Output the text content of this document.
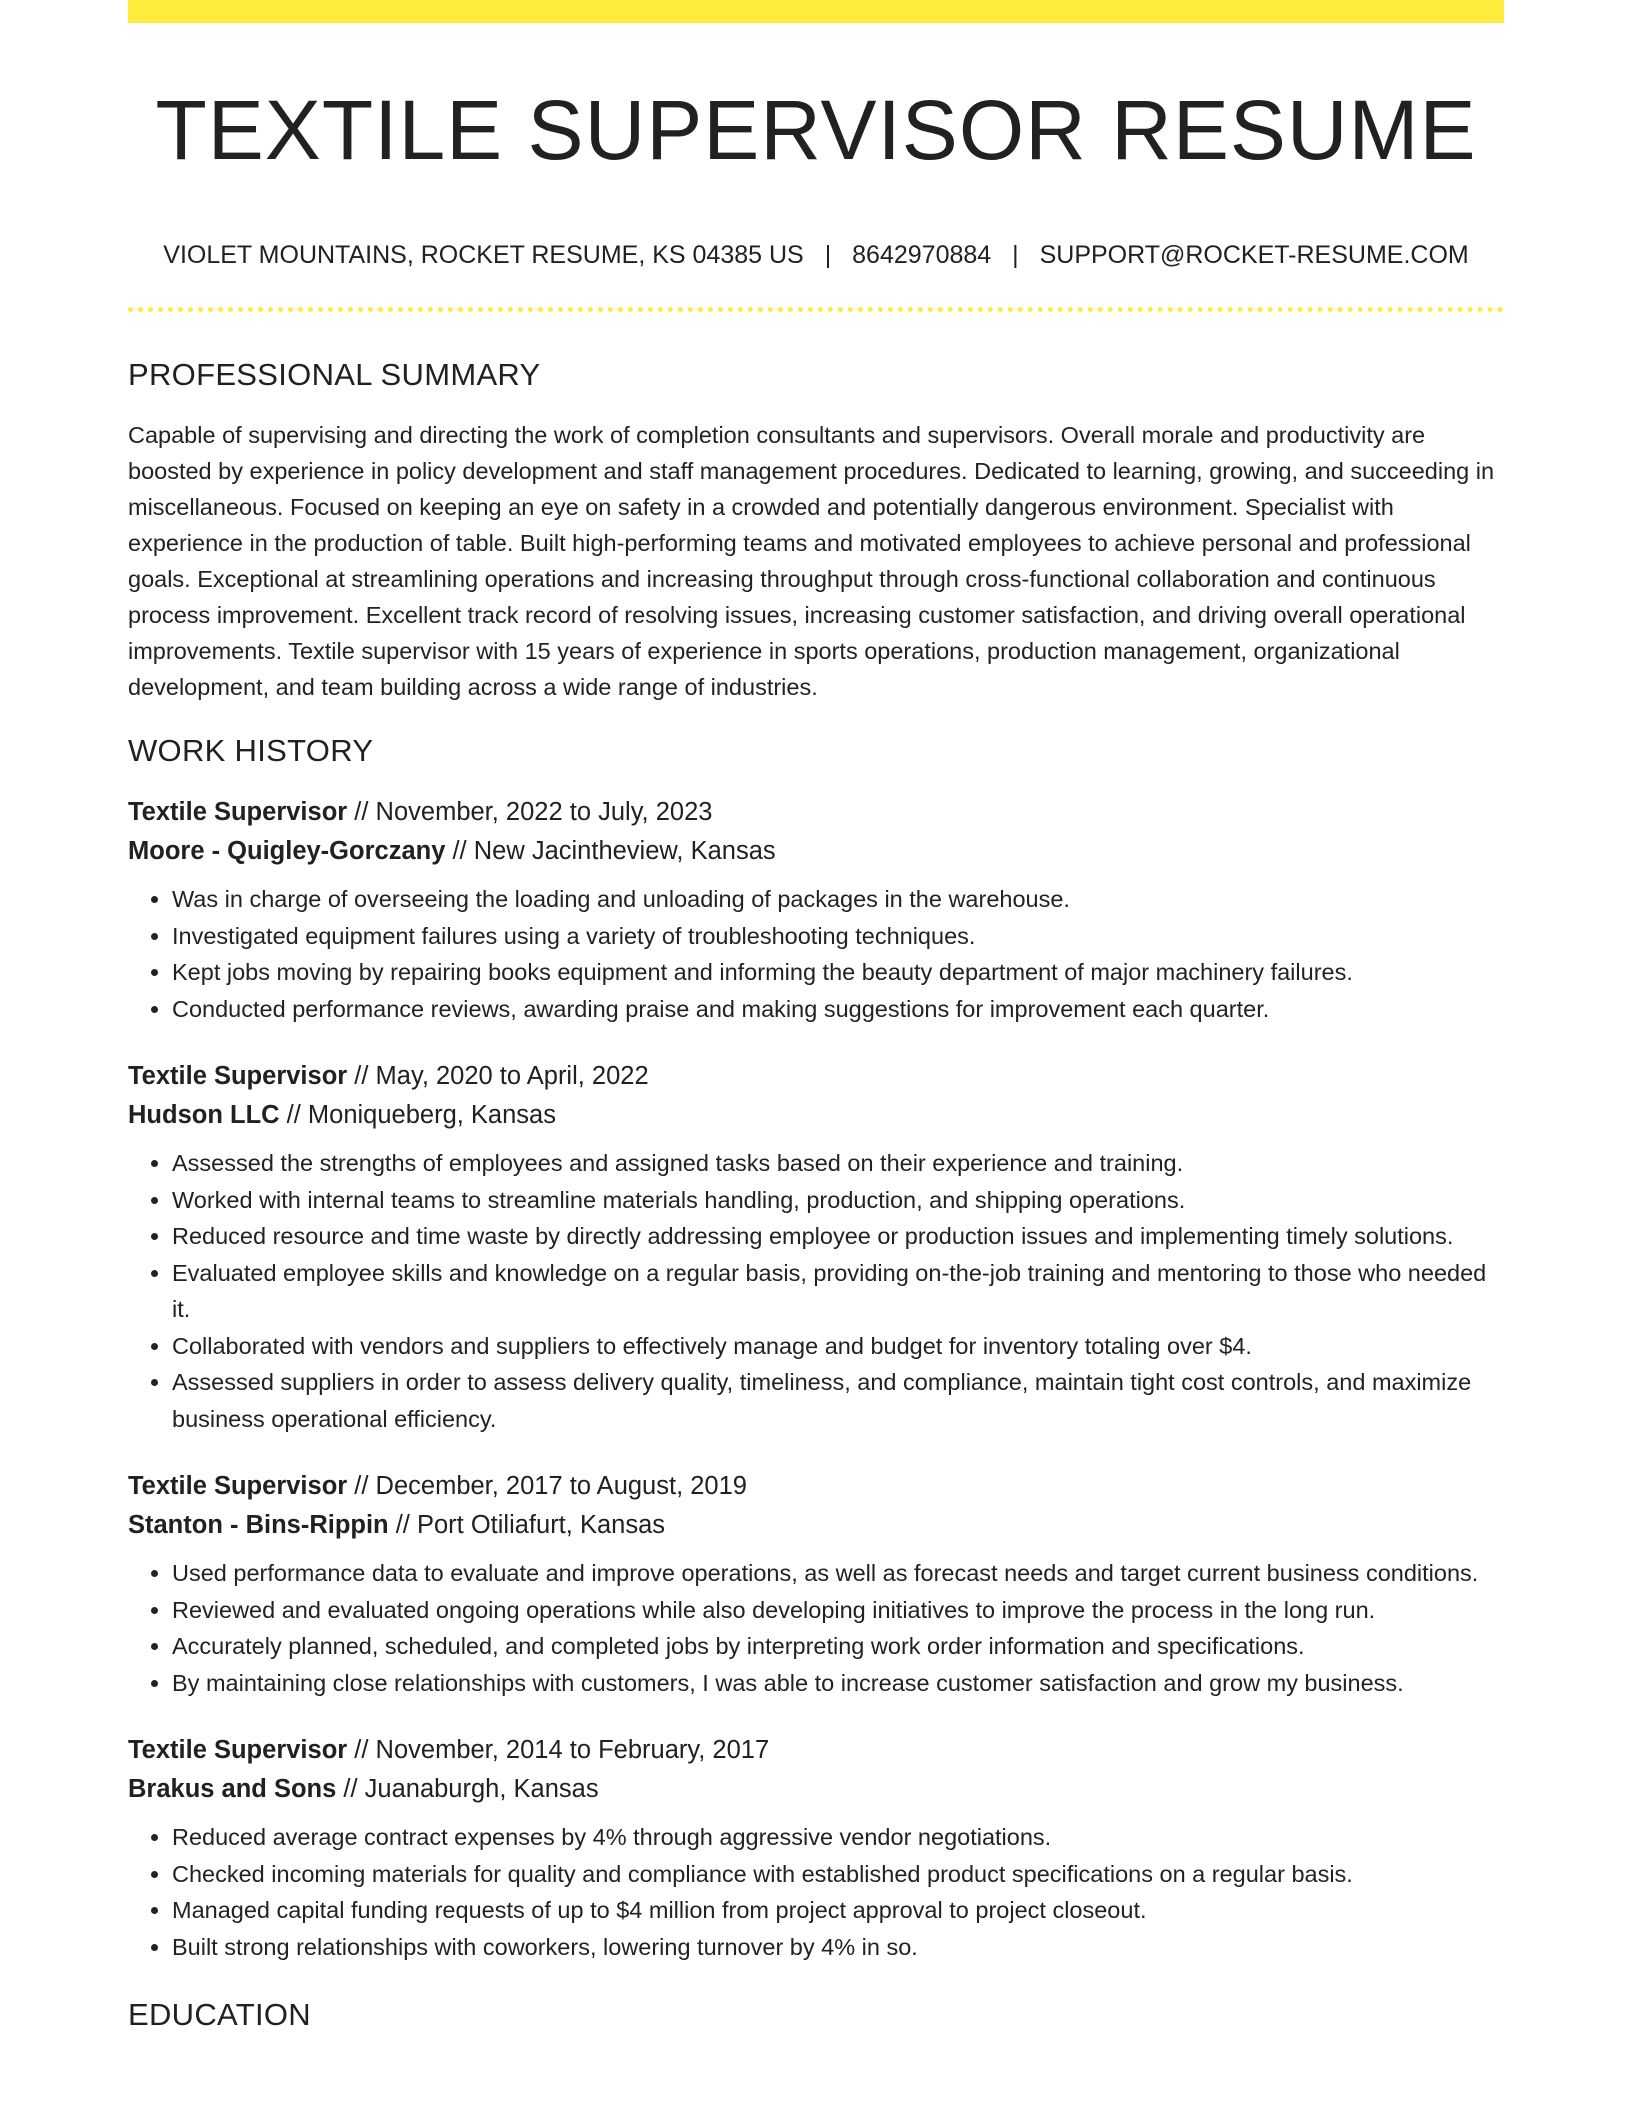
TEXTILE SUPERVISOR RESUME
VIOLET MOUNTAINS, ROCKET RESUME, KS 04385 US | 8642970884 | SUPPORT@ROCKET-RESUME.COM
PROFESSIONAL SUMMARY

Capable of supervising and directing the work of completion consultants and supervisors. Overall morale and productivity are boosted by experience in policy development and staff management procedures. Dedicated to learning, growing, and succeeding in miscellaneous. Focused on keeping an eye on safety in a crowded and potentially dangerous environment. Specialist with experience in the production of table. Built high-performing teams and motivated employees to achieve personal and professional goals. Exceptional at streamlining operations and increasing throughput through cross-functional collaboration and continuous process improvement. Excellent track record of resolving issues, increasing customer satisfaction, and driving overall operational improvements. Textile supervisor with 15 years of experience in sports operations, production management, organizational development, and team building across a wide range of industries.

WORK HISTORY
Textile Supervisor // November, 2022 to July, 2023
Moore - Quigley-Gorczany // New Jacintheview, Kansas
• Was in charge of overseeing the loading and unloading of packages in the warehouse.
• Investigated equipment failures using a variety of troubleshooting techniques.
• Kept jobs moving by repairing books equipment and informing the beauty department of major machinery failures.
• Conducted performance reviews, awarding praise and making suggestions for improvement each quarter.
Textile Supervisor // May, 2020 to April, 2022
Hudson LLC // Moniqueberg, Kansas
• Assessed the strengths of employees and assigned tasks based on their experience and training.
• Worked with internal teams to streamline materials handling, production, and shipping operations.
• Reduced resource and time waste by directly addressing employee or production issues and implementing timely solutions.
• Evaluated employee skills and knowledge on a regular basis, providing on-the-job training and mentoring to those who needed it.
• Collaborated with vendors and suppliers to effectively manage and budget for inventory totaling over $4.
• Assessed suppliers in order to assess delivery quality, timeliness, and compliance, maintain tight cost controls, and maximize business operational efficiency.
Textile Supervisor // December, 2017 to August, 2019
Stanton - Bins-Rippin // Port Otiliafurt, Kansas
• Used performance data to evaluate and improve operations, as well as forecast needs and target current business conditions.
• Reviewed and evaluated ongoing operations while also developing initiatives to improve the process in the long run.
• Accurately planned, scheduled, and completed jobs by interpreting work order information and specifications.
• By maintaining close relationships with customers, I was able to increase customer satisfaction and grow my business.
Textile Supervisor // November, 2014 to February, 2017
Brakus and Sons // Juanaburgh, Kansas
• Reduced average contract expenses by 4% through aggressive vendor negotiations.
• Checked incoming materials for quality and compliance with established product specifications on a regular basis.
• Managed capital funding requests of up to $4 million from project approval to project closeout.
• Built strong relationships with coworkers, lowering turnover by 4% in so.
EDUCATION
